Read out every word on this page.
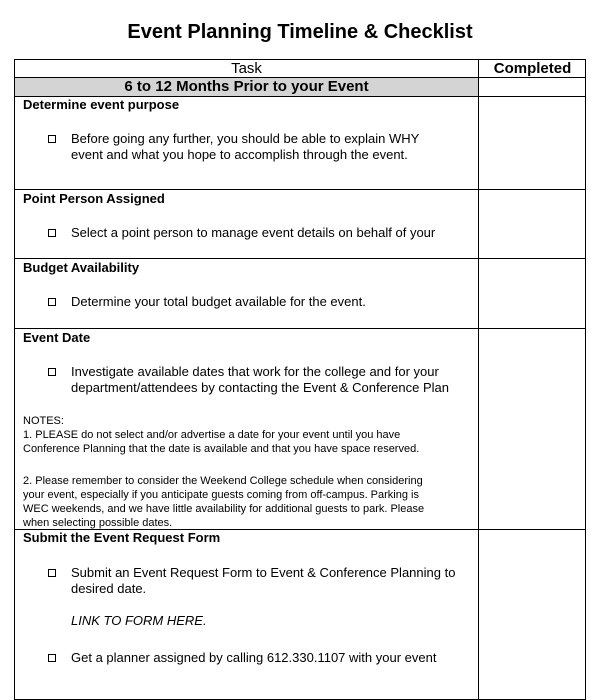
Event Planning Timeline & Checklist
Task	Completed
6 to 12 Months Prior to your Event
Determine event purpose
Before going any further, you should be able to explain WHY
event and what you hope to accomplish through the event.
Point Person Assigned
Select a point person to manage event details on behalf of your
Budget Availability
Determine your total budget available for the event.
Event Date
Investigate available dates that work for the college and for your
department/attendees by contacting the Event & Conference Plan
NOTES:
1. PLEASE do not select and/or advertise a date for your event until you have
Conference Planning that the date is available and that you have space reserved.
2. Please remember to consider the Weekend College schedule when considering
your event, especially if you anticipate guests coming from off-campus. Parking is
WEC weekends, and we have little availability for additional guests to park. Please
when selecting possible dates.
Submit the Event Request Form
Submit an Event Request Form to Event & Conference Planning to
desired date.
LINK TO FORM HERE.
Get a planner assigned by calling 612.330.1107 with your event
